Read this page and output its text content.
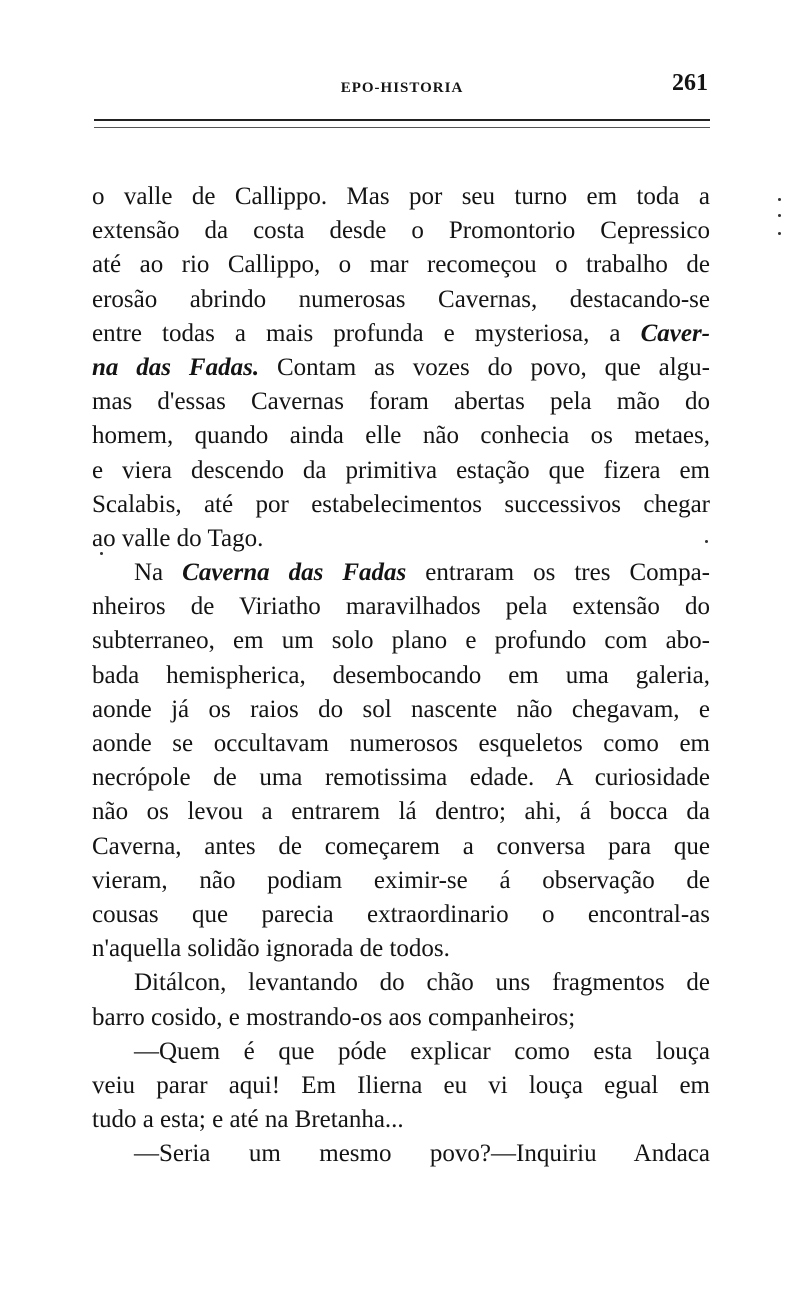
EPO-HISTORIA	261
o valle de Callippo. Mas por seu turno em toda a
extensão da costa desde o Promontorio Cepressico
até ao rio Callippo, o mar recomeçou o trabalho de
erosão abrindo numerosas Cavernas, destacando-se
entre todas a mais profunda e mysteriosa, a Caver-
na das Fadas. Contam as vozes do povo, que algu-
mas d'essas Cavernas foram abertas pela mão do
homem, quando ainda elle não conhecia os metaes,
e viera descendo da primitiva estação que fizera em
Scalabis, até por estabelecimentos successivos chegar
ao valle do Tago.
Na Caverna das Fadas entraram os tres Compa-
nheiros de Viriatho maravilhados pela extensão do
subterraneo, em um solo plano e profundo com abo-
bada hemispherica, desembocando em uma galeria,
aonde já os raios do sol nascente não chegavam, e
aonde se occultavam numerosos esqueletos como em
necrópole de uma remotissima edade. A curiosidade
não os levou a entrarem lá dentro; ahi, á bocca da
Caverna, antes de começarem a conversa para que
vieram, não podiam eximir-se á observação de
cousas que parecia extraordinario o encontral-as
n'aquella solidão ignorada de todos.
Ditálcon, levantando do chão uns fragmentos de
barro cosido, e mostrando-os aos companheiros;
—Quem é que póde explicar como esta louça
veiu parar aqui! Em Ilierna eu vi louça egual em
tudo a esta; e até na Bretanha...
—Seria um mesmo povo?—Inquiriu Andaca
